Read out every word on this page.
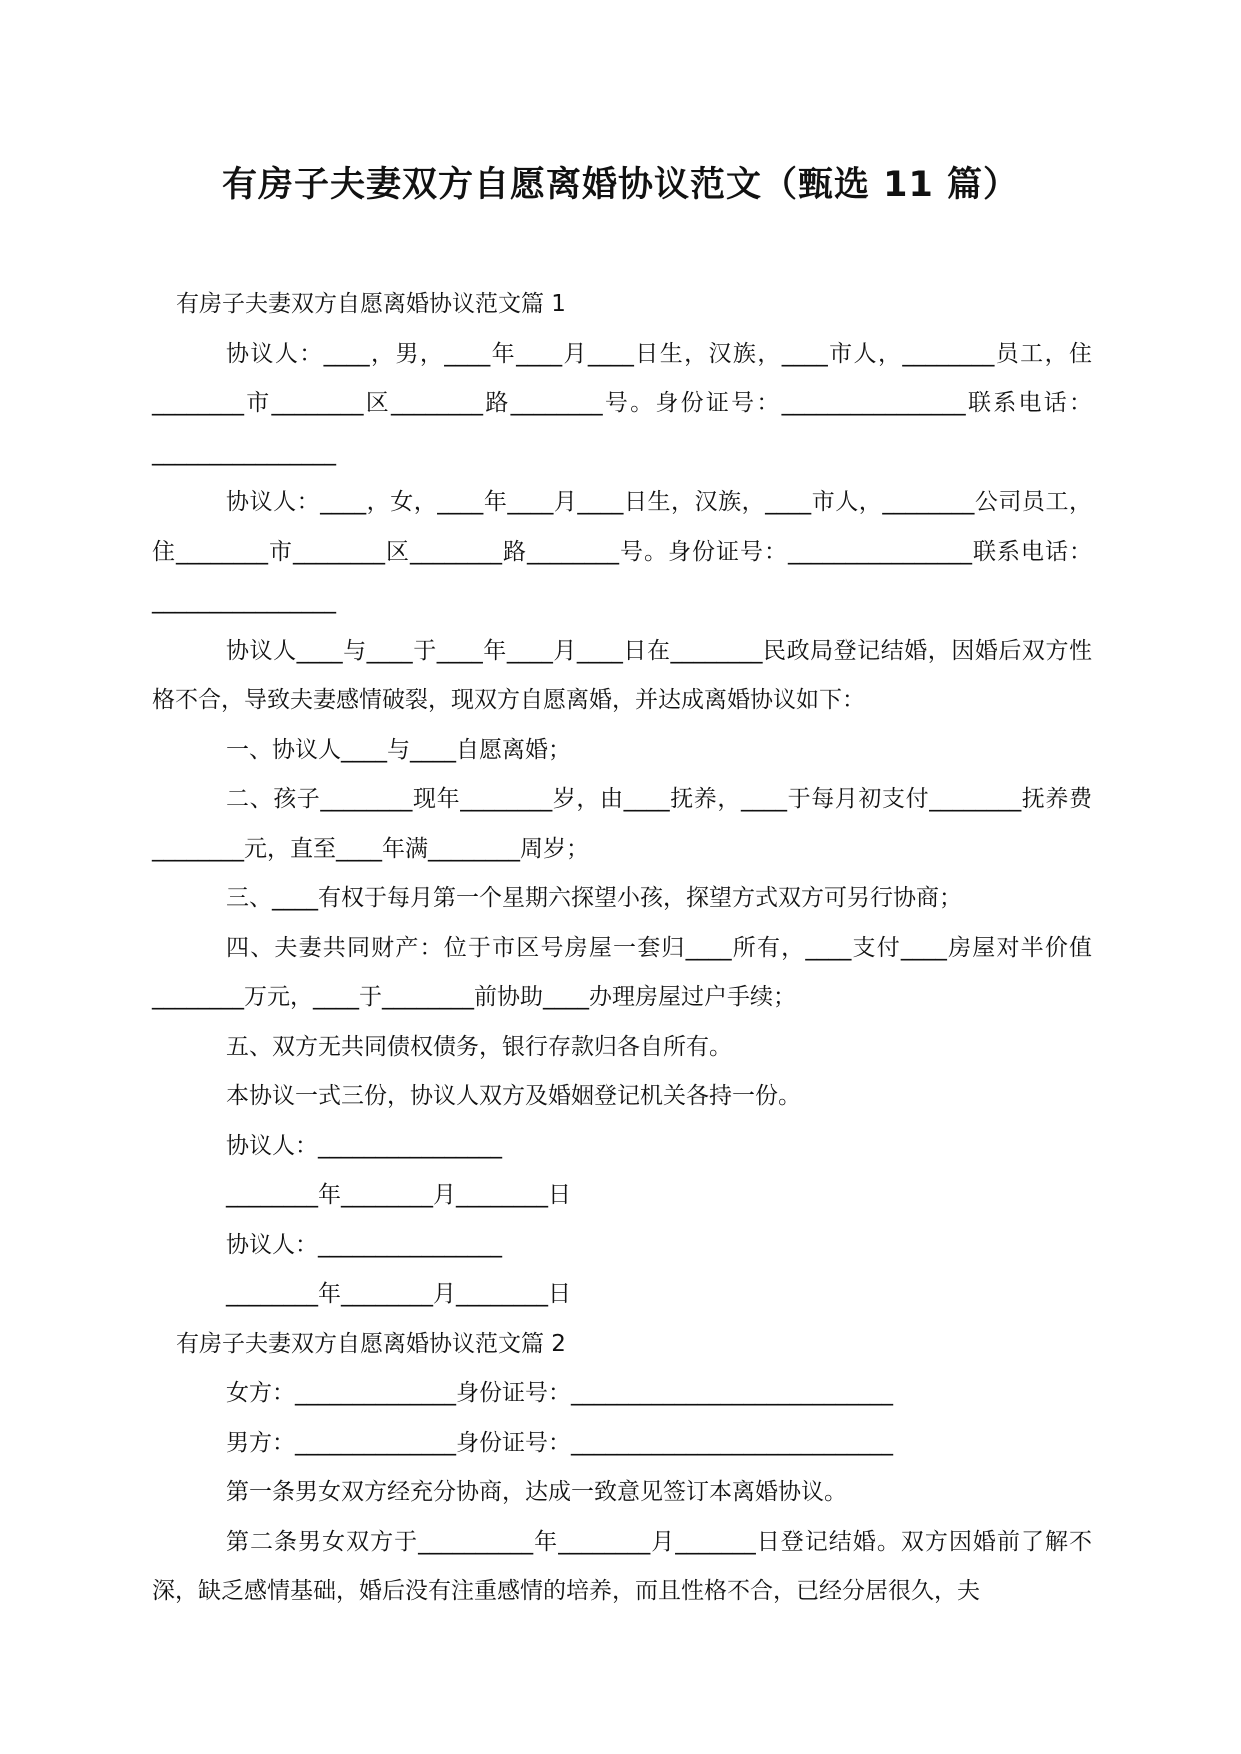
有房子夫妻双方自愿离婚协议范文（甄选 11 篇）

有房子夫妻双方自愿离婚协议范文篇 1

协议人：____，男，____年____月____日生，汉族，____市人，________员工，住________市________区________路________号。身份证号：________________联系电话：________________

协议人：____，女，____年____月____日生，汉族，____市人，________公司员工，住________市________区________路________号。身份证号：________________联系电话：________________

协议人____与____于____年____月____日在________民政局登记结婚，因婚后双方性格不合，导致夫妻感情破裂，现双方自愿离婚，并达成离婚协议如下：

一、协议人____与____自愿离婚；

二、孩子________现年________岁，由____抚养，____于每月初支付________抚养费________元，直至____年满________周岁；

三、____有权于每月第一个星期六探望小孩，探望方式双方可另行协商；

四、夫妻共同财产：位于市区号房屋一套归____所有，____支付____房屋对半价值________万元，____于________前协助____办理房屋过户手续；

五、双方无共同债权债务，银行存款归各自所有。

本协议一式三份，协议人双方及婚姻登记机关各持一份。

协议人：________________

________年________月________日

协议人：________________

________年________月________日

有房子夫妻双方自愿离婚协议范文篇 2

女方：______________身份证号：____________________________

男方：______________身份证号：____________________________

第一条男女双方经充分协商，达成一致意见签订本离婚协议。

第二条男女双方于__________年________月_______日登记结婚。双方因婚前了解不深，缺乏感情基础，婚后没有注重感情的培养，而且性格不合，已经分居很久，夫
